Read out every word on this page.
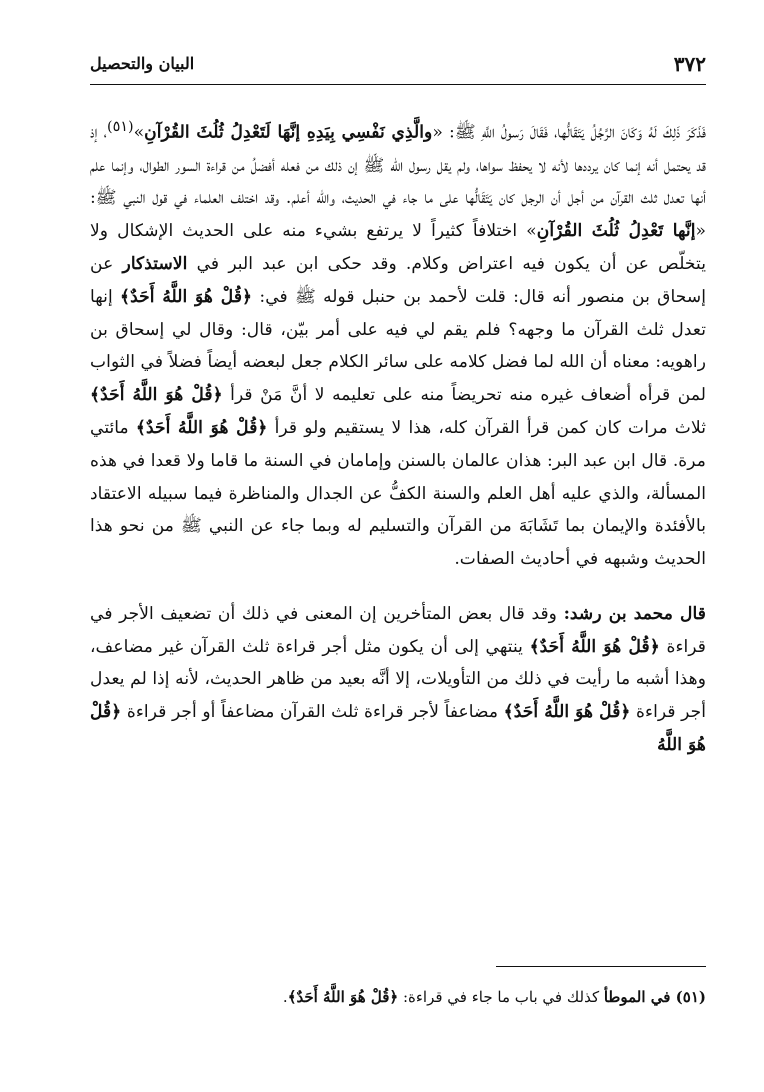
٣٧٢
البيان والتحصيل

فَذَكَرَ ذَلِكَ لَهُ وَكَانَ الرَّجُلُ يَتَقَالُّها، فَقَالَ رَسولُ اللَّهِ ﷺ: «والَّذِي نَفْسِي بِيَدِهِ إنَّهَا لَتَعْدِلُ ثُلُثَ القُرْآنِ»$^{(٥١)}$، إذ قد يحتمل أنه إنما كان يرددها لأنه لا يحفظ سواها، ولم يقل رسول الله ﷺ إن ذلك من فعله أفضلُ من قراءة السور الطوال، وإنما علم أنها تعدل ثلث القرآن من أجل أن الرجل كان يَتَقَالُّها على ما جاء في الحديث، والله أعلم. وقد اختلف العلماء في قول النبي ﷺ: «إنَّها تَعْدِلُ ثُلُثَ القُرْآنِ» اختلافاً كثيراً لا يرتفع بشيء منه على الحديث الإشكال ولا يتخلّص عن أن يكون فيه اعتراض وكلام. وقد حكى ابن عبد البر في الاستذكار عن إسحاق بن منصور أنه قال: قلت لأحمد بن حنبل قوله ﷺ في: ﴿قُلْ هُوَ اللَّهُ أَحَدٌ﴾ إنها تعدل ثلث القرآن ما وجهه؟ فلم يقم لي فيه على أمر بيّن، قال: وقال لي إسحاق بن راهويه: معناه أن الله لما فضل كلامه على سائر الكلام جعل لبعضه أيضاً فضلاً في الثواب لمن قرأه أضعاف غيره منه تحريضاً منه على تعليمه لا أنَّ مَنْ قرأ ﴿قُلْ هُوَ اللَّهُ أَحَدٌ﴾ ثلاث مرات كان كمن قرأ القرآن كله، هذا لا يستقيم ولو قرأ ﴿قُلْ هُوَ اللَّهُ أَحَدٌ﴾ مائتي مرة. قال ابن عبد البر: هذان عالمان بالسنن وإمامان في السنة ما قاما ولا قعدا في هذه المسألة، والذي عليه أهل العلم والسنة الكفُّ عن الجدال والمناظرة فيما سبيله الاعتقاد بالأفئدة والإيمان بما تَشَابَهَ من القرآن والتسليم له وبما جاء عن النبي ﷺ من نحو هذا الحديث وشبهه في أحاديث الصفات.

قال محمد بن رشد: وقد قال بعض المتأخرين إن المعنى في ذلك أن تضعيف الأجر في قراءة ﴿قُلْ هُوَ اللَّهُ أَحَدٌ﴾ ينتهي إلى أن يكون مثل أجر قراءة ثلث القرآن غير مضاعف، وهذا أشبه ما رأيت في ذلك من التأويلات، إلا أنَّه بعيد من ظاهر الحديث، لأنه إذا لم يعدل أجر قراءة ﴿قُلْ هُوَ اللَّهُ أَحَدٌ﴾ مضاعفاً لأجر قراءة ثلث القرآن مضاعفاً أو أجر قراءة ﴿قُلْ هُوَ اللَّهُ

(٥١) في الموطأ كذلك في باب ما جاء في قراءة: ﴿قُلْ هُوَ اللَّهُ أَحَدٌ﴾.
